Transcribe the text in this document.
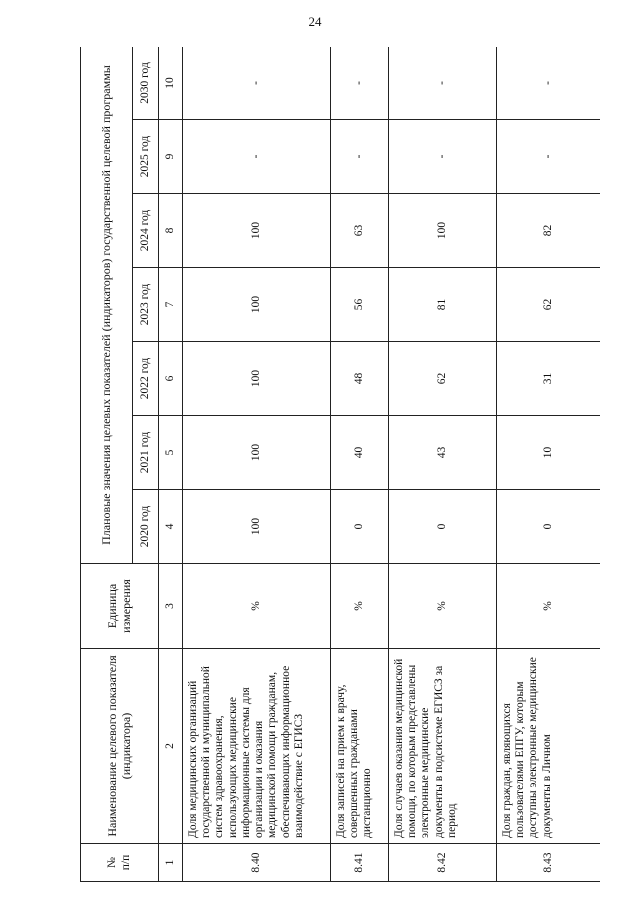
24
№
п/п	Наименование целевого показателя (индикатора)	Единица измерения	Плановые значения целевых показателей (индикаторов) государственной целевой программы						
			2020 год	2021 год	2022 год	2023 год	2024 год	2025 год	2030 год
1	2	3	4	5	6	7	8	9	10
8.40	Доля медицинских организаций государственной и муниципальной систем здравоохранения, использующих медицинские информационные системы для организации и оказания медицинской помощи гражданам, обеспечивающих информационное взаимодействие с ЕГИСЗ	%	100	100	100	100	100	-	-
8.41	Доля записей на прием к врачу, совершенных гражданами дистанционно	%	0	40	48	56	63	-	-
8.42	Доля случаев оказания медицинской помощи, по которым представлены электронные медицинские документы в подсистеме ЕГИСЗ за период	%	0	43	62	81	100	-	-
8.43	Доля граждан, являющихся пользователями ЕПГУ, которым доступны электронные медицинские документы в Личном	%	0	10	31	62	82	-	-
